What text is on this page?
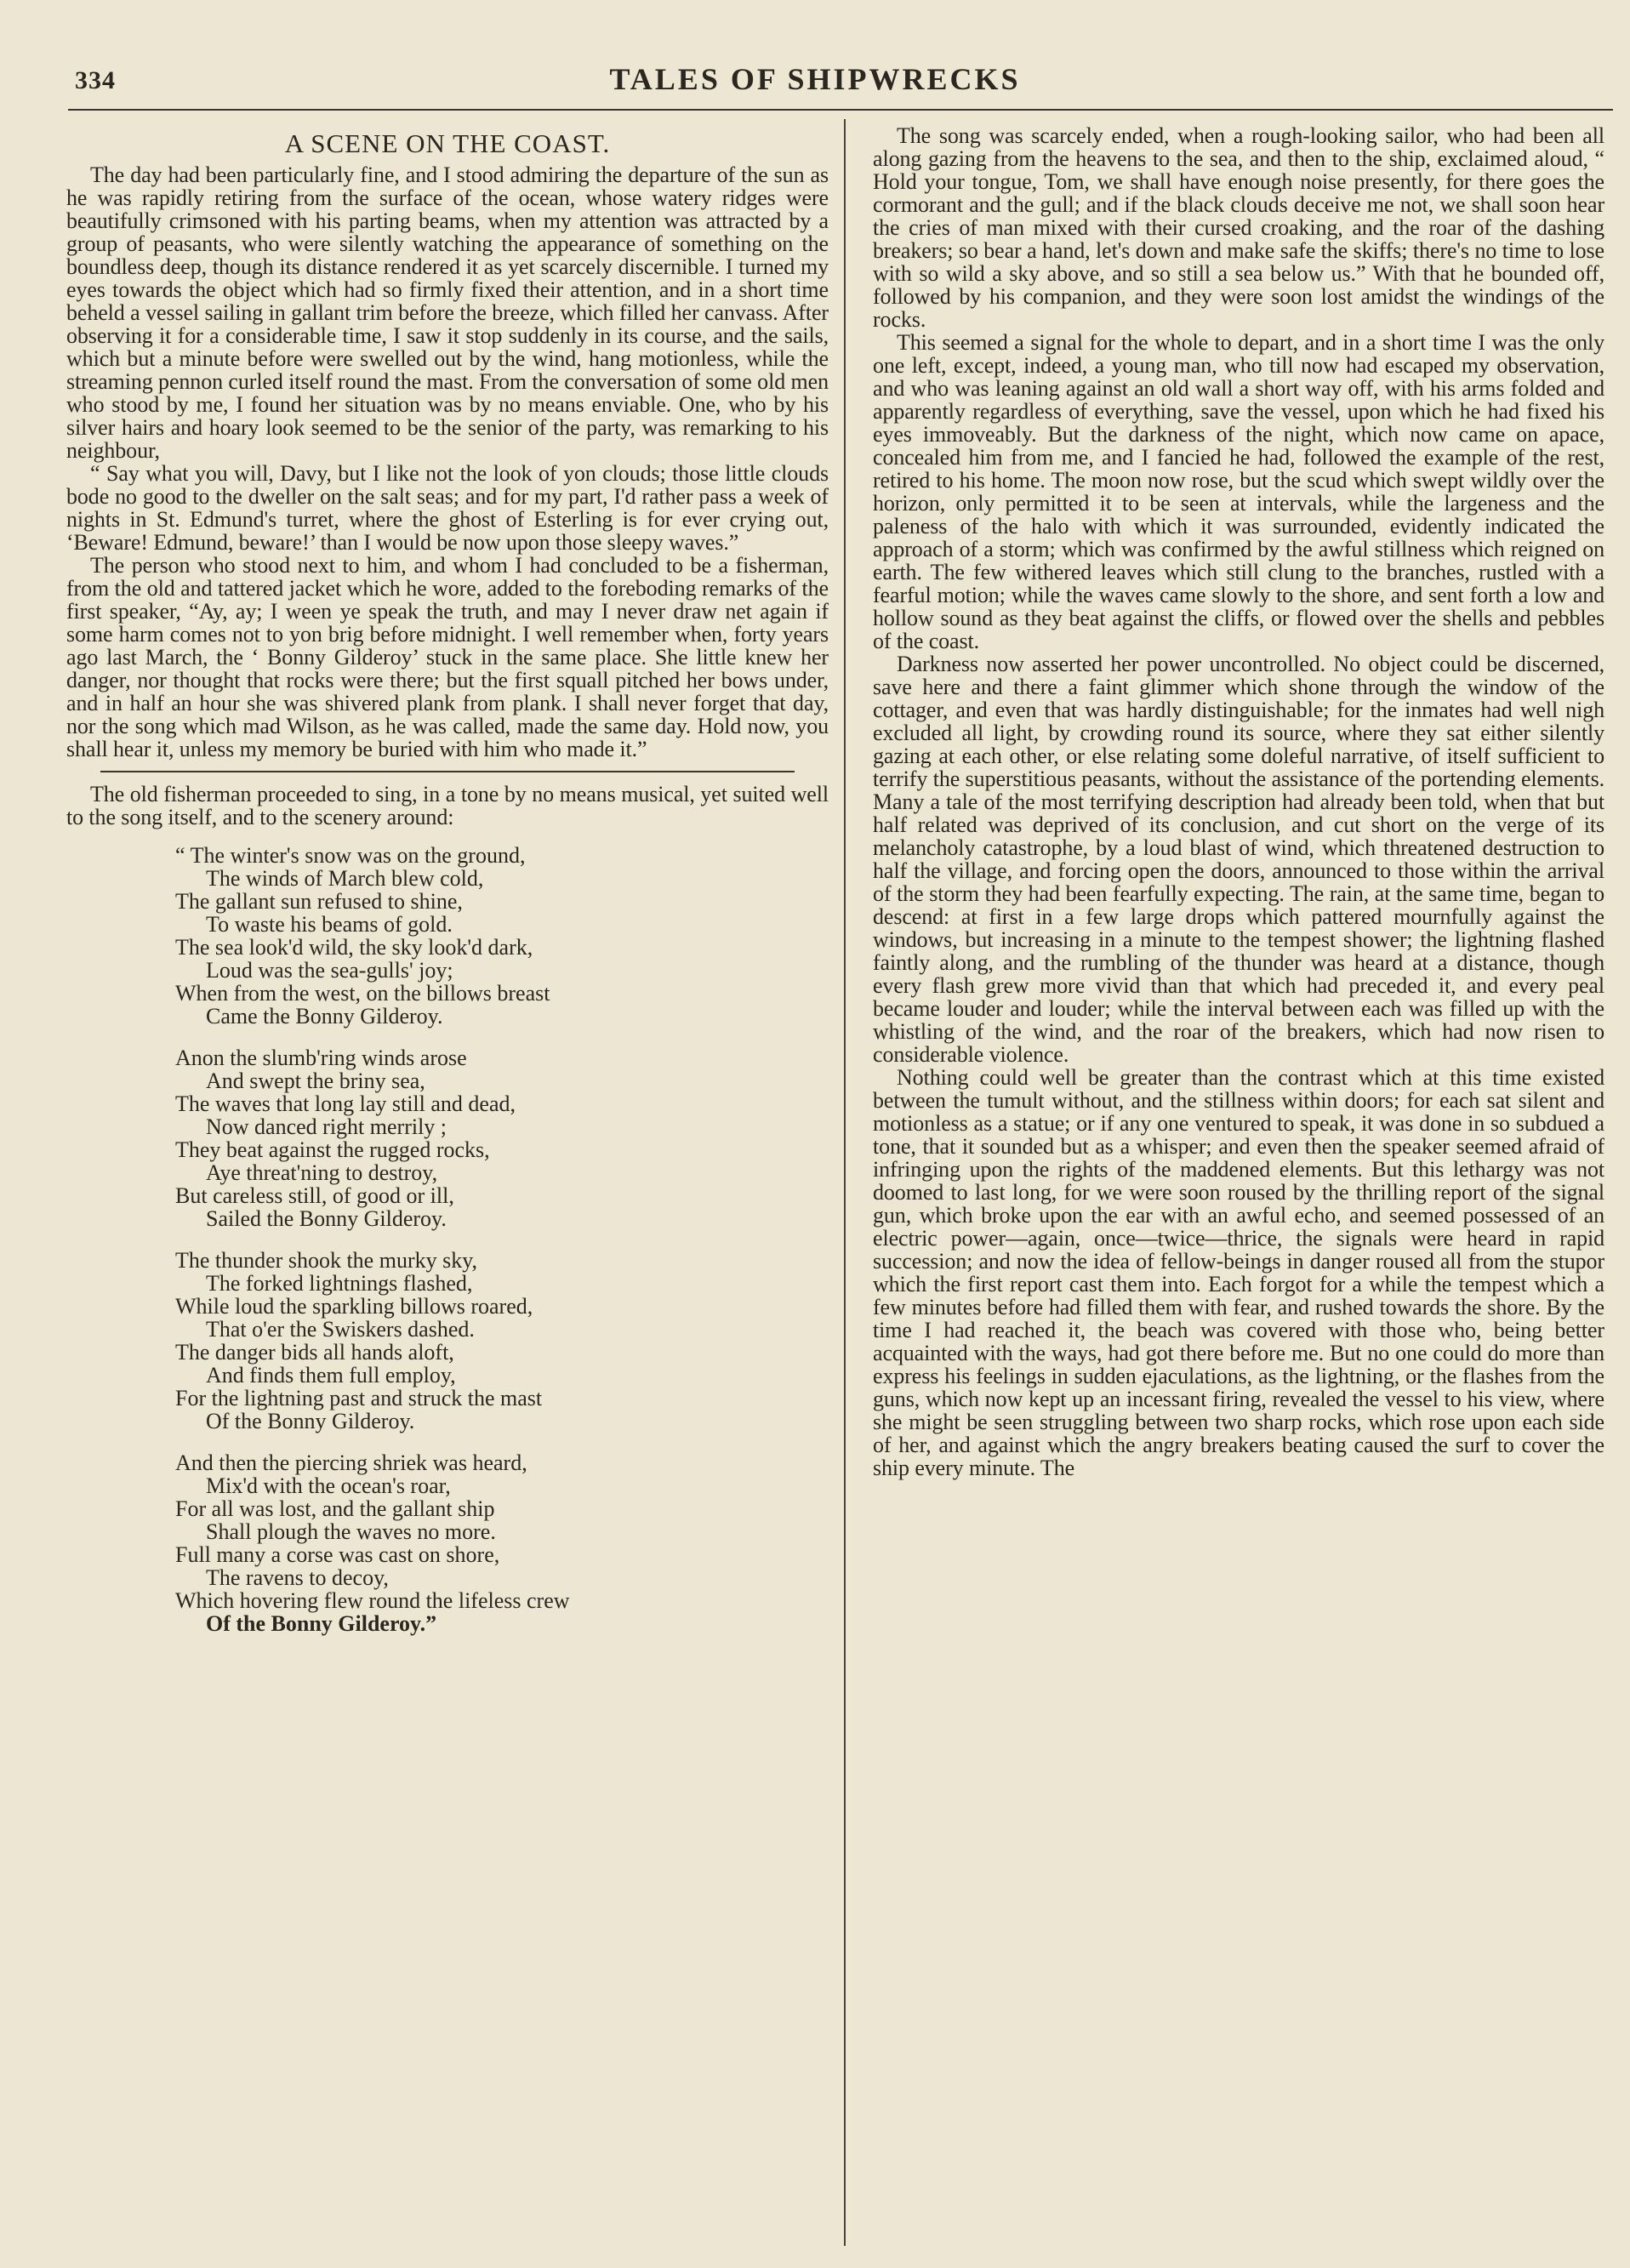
334	TALES OF SHIPWRECKS
A SCENE ON THE COAST.

The day had been particularly fine, and I stood admiring the departure of the sun as he was rapidly retiring from the surface of the ocean, whose watery ridges were beautifully crimsoned with his parting beams, when my attention was attracted by a group of peasants, who were silently watching the appearance of something on the boundless deep, though its distance rendered it as yet scarcely discernible. I turned my eyes towards the object which had so firmly fixed their attention, and in a short time beheld a vessel sailing in gallant trim before the breeze, which filled her canvass. After observing it for a considerable time, I saw it stop suddenly in its course, and the sails, which but a minute before were swelled out by the wind, hang motionless, while the streaming pennon curled itself round the mast. From the conversation of some old men who stood by me, I found her situation was by no means enviable. One, who by his silver hairs and hoary look seemed to be the senior of the party, was remarking to his neighbour,

“ Say what you will, Davy, but I like not the look of yon clouds; those little clouds bode no good to the dweller on the salt seas; and for my part, I'd rather pass a week of nights in St. Edmund's turret, where the ghost of Esterling is for ever crying out, ‘Beware! Edmund, beware!’ than I would be now upon those sleepy waves.”

The person who stood next to him, and whom I had concluded to be a fisherman, from the old and tattered jacket which he wore, added to the foreboding remarks of the first speaker, “Ay, ay; I ween ye speak the truth, and may I never draw net again if some harm comes not to yon brig before midnight. I well remember when, forty years ago last March, the ‘ Bonny Gilderoy’ stuck in the same place. She little knew her danger, nor thought that rocks were there; but the first squall pitched her bows under, and in half an hour she was shivered plank from plank. I shall never forget that day, nor the song which mad Wilson, as he was called, made the same day. Hold now, you shall hear it, unless my memory be buried with him who made it.”

The old fisherman proceeded to sing, in a tone by no means musical, yet suited well to the song itself, and to the scenery around:

“ The winter's snow was on the ground,
The winds of March blew cold,
The gallant sun refused to shine,
To waste his beams of gold.
The sea look'd wild, the sky look'd dark,
Loud was the sea-gulls' joy;
When from the west, on the billows breast
Came the Bonny Gilderoy.
Anon the slumb'ring winds arose
And swept the briny sea,
The waves that long lay still and dead,
Now danced right merrily ;
They beat against the rugged rocks,
Aye threat'ning to destroy,
But careless still, of good or ill,
Sailed the Bonny Gilderoy.
The thunder shook the murky sky,
The forked lightnings flashed,
While loud the sparkling billows roared,
That o'er the Swiskers dashed.
The danger bids all hands aloft,
And finds them full employ,
For the lightning past and struck the mast
Of the Bonny Gilderoy.
And then the piercing shriek was heard,
Mix'd with the ocean's roar,
For all was lost, and the gallant ship
Shall plough the waves no more.
Full many a corse was cast on shore,
The ravens to decoy,
Which hovering flew round the lifeless crew
Of the Bonny Gilderoy.”

The song was scarcely ended, when a rough-looking sailor, who had been all along gazing from the heavens to the sea, and then to the ship, exclaimed aloud, “ Hold your tongue, Tom, we shall have enough noise presently, for there goes the cormorant and the gull; and if the black clouds deceive me not, we shall soon hear the cries of man mixed with their cursed croaking, and the roar of the dashing breakers; so bear a hand, let's down and make safe the skiffs; there's no time to lose with so wild a sky above, and so still a sea below us.” With that he bounded off, followed by his companion, and they were soon lost amidst the windings of the rocks.

This seemed a signal for the whole to depart, and in a short time I was the only one left, except, indeed, a young man, who till now had escaped my observation, and who was leaning against an old wall a short way off, with his arms folded and apparently regardless of everything, save the vessel, upon which he had fixed his eyes immoveably. But the darkness of the night, which now came on apace, concealed him from me, and I fancied he had, followed the example of the rest, retired to his home. The moon now rose, but the scud which swept wildly over the horizon, only permitted it to be seen at intervals, while the largeness and the paleness of the halo with which it was surrounded, evidently indicated the approach of a storm; which was confirmed by the awful stillness which reigned on earth. The few withered leaves which still clung to the branches, rustled with a fearful motion; while the waves came slowly to the shore, and sent forth a low and hollow sound as they beat against the cliffs, or flowed over the shells and pebbles of the coast.

Darkness now asserted her power uncontrolled. No object could be discerned, save here and there a faint glimmer which shone through the window of the cottager, and even that was hardly distinguishable; for the inmates had well nigh excluded all light, by crowding round its source, where they sat either silently gazing at each other, or else relating some doleful narrative, of itself sufficient to terrify the superstitious peasants, without the assistance of the portending elements. Many a tale of the most terrifying description had already been told, when that but half related was deprived of its conclusion, and cut short on the verge of its melancholy catastrophe, by a loud blast of wind, which threatened destruction to half the village, and forcing open the doors, announced to those within the arrival of the storm they had been fearfully expecting. The rain, at the same time, began to descend: at first in a few large drops which pattered mournfully against the windows, but increasing in a minute to the tempest shower; the lightning flashed faintly along, and the rumbling of the thunder was heard at a distance, though every flash grew more vivid than that which had preceded it, and every peal became louder and louder; while the interval between each was filled up with the whistling of the wind, and the roar of the breakers, which had now risen to considerable violence.

Nothing could well be greater than the contrast which at this time existed between the tumult without, and the stillness within doors; for each sat silent and motionless as a statue; or if any one ventured to speak, it was done in so subdued a tone, that it sounded but as a whisper; and even then the speaker seemed afraid of infringing upon the rights of the maddened elements. But this lethargy was not doomed to last long, for we were soon roused by the thrilling report of the signal gun, which broke upon the ear with an awful echo, and seemed possessed of an electric power—again, once—twice—thrice, the signals were heard in rapid succession; and now the idea of fellow-beings in danger roused all from the stupor which the first report cast them into. Each forgot for a while the tempest which a few minutes before had filled them with fear, and rushed towards the shore. By the time I had reached it, the beach was covered with those who, being better acquainted with the ways, had got there before me. But no one could do more than express his feelings in sudden ejaculations, as the lightning, or the flashes from the guns, which now kept up an incessant firing, revealed the vessel to his view, where she might be seen struggling between two sharp rocks, which rose upon each side of her, and against which the angry breakers beating caused the surf to cover the ship every minute. The
